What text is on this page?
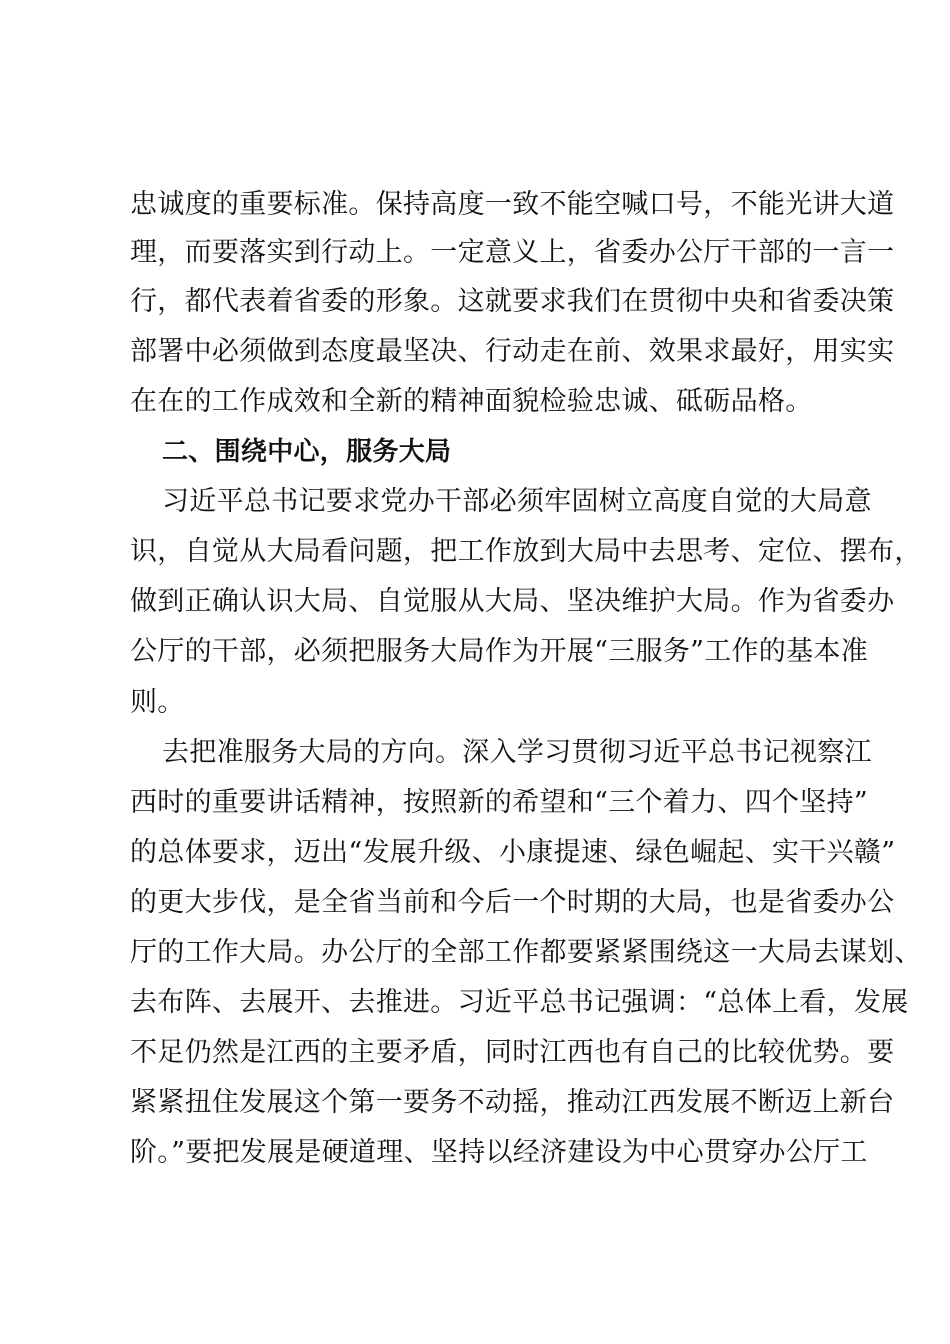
忠诚度的重要标准。保持高度一致不能空喊口号，不能光讲大道
理，而要落实到行动上。一定意义上，省委办公厅干部的一言一
行，都代表着省委的形象。这就要求我们在贯彻中央和省委决策
部署中必须做到态度最坚决、行动走在前、效果求最好，用实实
在在的工作成效和全新的精神面貌检验忠诚、砥砺品格。
二、围绕中心，服务大局
习近平总书记要求党办干部必须牢固树立高度自觉的大局意
识，自觉从大局看问题，把工作放到大局中去思考、定位、摆布，
做到正确认识大局、自觉服从大局、坚决维护大局。作为省委办
公厅的干部，必须把服务大局作为开展“三服务”工作的基本准
则。
去把准服务大局的方向。深入学习贯彻习近平总书记视察江
西时的重要讲话精神，按照新的希望和“三个着力、四个坚持”
的总体要求，迈出“发展升级、小康提速、绿色崛起、实干兴赣”
的更大步伐，是全省当前和今后一个时期的大局，也是省委办公
厅的工作大局。办公厅的全部工作都要紧紧围绕这一大局去谋划、
去布阵、去展开、去推进。习近平总书记强调：“总体上看，发展
不足仍然是江西的主要矛盾，同时江西也有自己的比较优势。要
紧紧扭住发展这个第一要务不动摇，推动江西发展不断迈上新台
阶。”要把发展是硬道理、坚持以经济建设为中心贯穿办公厅工
